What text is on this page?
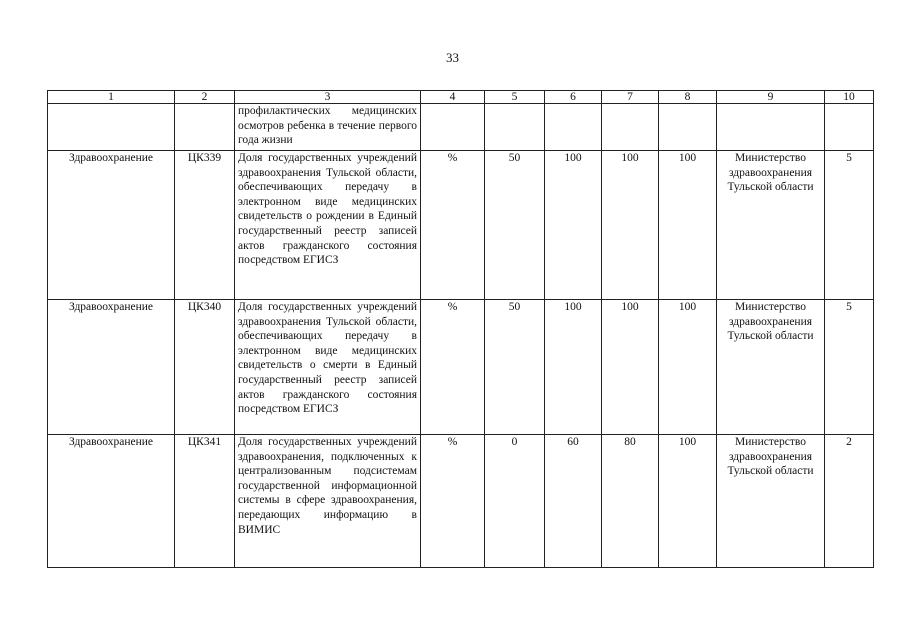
33
1	2	3	4	5	6	7	8	9	10
		профилактических медицинских осмотров ребенка в течение первого года жизни							
Здравоохранение	ЦК339	Доля государственных учреждений здравоохранения Тульской области, обеспечивающих передачу в электронном виде медицинских свидетельств о рождении в Единый государственный реестр записей актов гражданского состояния посредством ЕГИСЗ	%	50	100	100	100	Министерство здравоохранения Тульской области	5
Здравоохранение	ЦК340	Доля государственных учреждений здравоохранения Тульской области, обеспечивающих передачу в электронном виде медицинских свидетельств о смерти в Единый государственный реестр записей актов гражданского состояния посредством ЕГИСЗ	%	50	100	100	100	Министерство здравоохранения Тульской области	5
Здравоохранение	ЦК341	Доля государственных учреждений здравоохранения, подключенных к централизованным подсистемам государственной информационной системы в сфере здравоохранения, передающих информацию в ВИМИС	%	0	60	80	100	Министерство здравоохранения Тульской области	2
